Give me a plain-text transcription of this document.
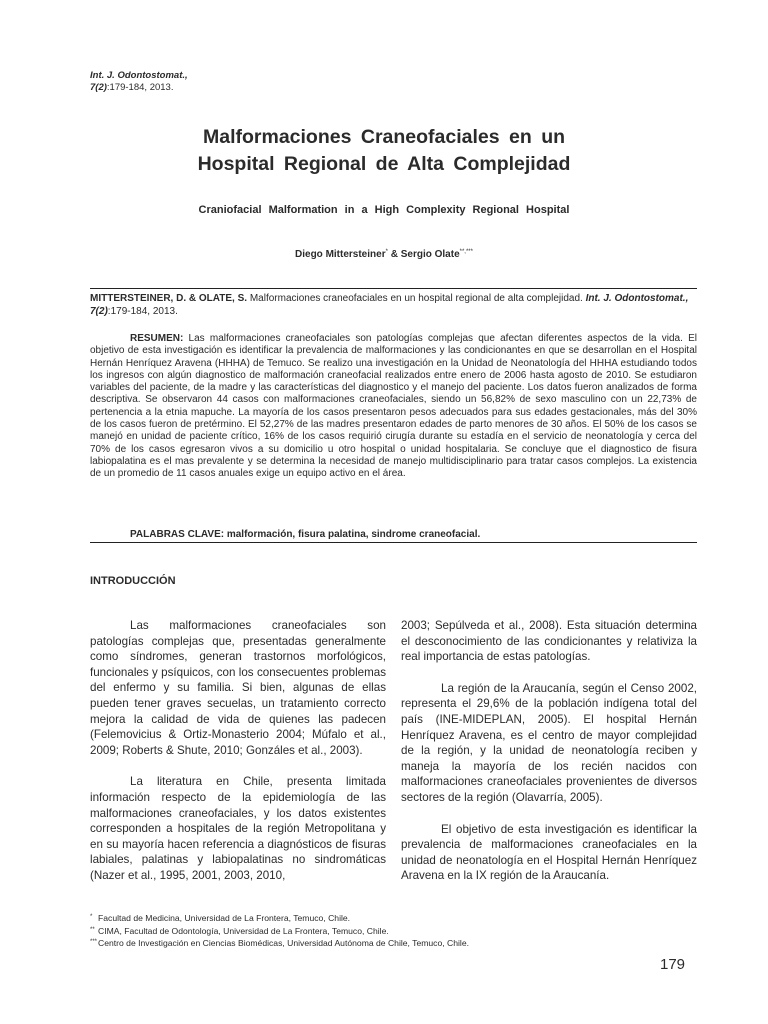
Int. J. Odontostomat.,
7(2):179-184, 2013.
Malformaciones Craneofaciales en un
Hospital Regional de Alta Complejidad
Craniofacial Malformation in a High Complexity Regional Hospital
Diego Mittersteiner* & Sergio Olate**,***
MITTERSTEINER, D. & OLATE, S. Malformaciones craneofaciales en un hospital regional de alta complejidad. Int. J. Odontostomat., 7(2):179-184, 2013.
RESUMEN: Las malformaciones craneofaciales son patologías complejas que afectan diferentes aspectos de la vida. El objetivo de esta investigación es identificar la prevalencia de malformaciones y las condicionantes en que se desarrollan en el Hospital Hernán Henríquez Aravena (HHHA) de Temuco. Se realizo una investigación en la Unidad de Neonatología del HHHA estudiando todos los ingresos con algún diagnostico de malformación craneofacial realizados entre enero de 2006 hasta agosto de 2010. Se estudiaron variables del paciente, de la madre y las características del diagnostico y el manejo del paciente. Los datos fueron analizados de forma descriptiva. Se observaron 44 casos con malformaciones craneofaciales, siendo un 56,82% de sexo masculino con un 22,73% de pertenencia a la etnia mapuche. La mayoría de los casos presentaron pesos adecuados para sus edades gestacionales, más del 30% de los casos fueron de pretérmino. El 52,27% de las madres presentaron edades de parto menores de 30 años. El 50% de los casos se manejó en unidad de paciente crítico, 16% de los casos requirió cirugía durante su estadía en el servicio de neonatología y cerca del 70% de los casos egresaron vivos a su domicilio u otro hospital o unidad hospitalaria. Se concluye que el diagnostico de fisura labiopalatina es el mas prevalente y se determina la necesidad de manejo multidisciplinario para tratar casos complejos. La existencia de un promedio de 11 casos anuales exige un equipo activo en el área.
PALABRAS CLAVE: malformación, fisura palatina, sindrome craneofacial.
INTRODUCCIÓN

Las malformaciones craneofaciales son patologías complejas que, presentadas generalmente como síndromes, generan trastornos morfológicos, funcionales y psíquicos, con los consecuentes problemas del enfermo y su familia. Si bien, algunas de ellas pueden tener graves secuelas, un tratamiento correcto mejora la calidad de vida de quienes las padecen (Felemovicius & Ortiz-Monasterio 2004; Múfalo et al., 2009; Roberts & Shute, 2010; Gonzáles et al., 2003).

La literatura en Chile, presenta limitada información respecto de la epidemiología de las malformaciones craneofaciales, y los datos existentes corresponden a hospitales de la región Metropolitana y en su mayoría hacen referencia a diagnósticos de fisuras labiales, palatinas y labiopalatinas no sindromáticas (Nazer et al., 1995, 2001, 2003, 2010,

2003; Sepúlveda et al., 2008). Esta situación determina el desconocimiento de las condicionantes y relativiza la real importancia de estas patologías.

La región de la Araucanía, según el Censo 2002, representa el 29,6% de la población indígena total del país (INE-MIDEPLAN, 2005). El hospital Hernán Henríquez Aravena, es el centro de mayor complejidad de la región, y la unidad de neonatología reciben y maneja la mayoría de los recién nacidos con malformaciones craneofaciales provenientes de diversos sectores de la región (Olavarría, 2005).

El objetivo de esta investigación es identificar la prevalencia de malformaciones craneofaciales en la unidad de neonatología en el Hospital Hernán Henríquez Aravena en la IX región de la Araucanía.

* Facultad de Medicina, Universidad de La Frontera, Temuco, Chile.
** CIMA, Facultad de Odontología, Universidad de La Frontera, Temuco, Chile.
***Centro de Investigación en Ciencias Biomédicas, Universidad Autónoma de Chile, Temuco, Chile.
179
